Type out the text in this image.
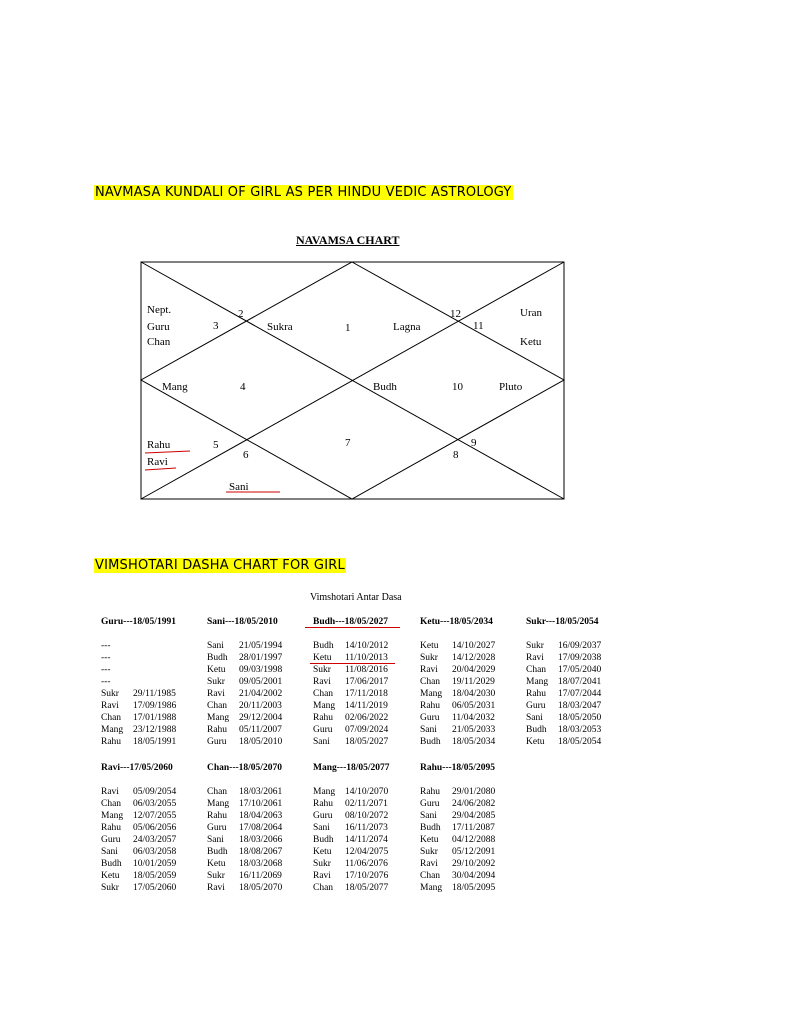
NAVMASA KUNDALI OF GIRL AS PER HINDU VEDIC ASTROLOGY
NAVAMSA CHART
1
2
3
4
5
6
7
8
9
10
11
12
Nept.
Guru
Chan
Sukra	Lagna
Uran
Ketu
Mang	Budh	Pluto
Rahu
Ravi
Sani
VIMSHOTARI DASHA CHART FOR GIRL
Vimshotari Antar Dasa
Guru---18/05/1991
---
---
---
---
Sukr 29/11/1985
Ravi 17/09/1986
Chan 17/01/1988
Mang 23/12/1988
Rahu 18/05/1991
Sani---18/05/2010
Sani 21/05/1994
Budh 28/01/1997
Ketu 09/03/1998
Sukr 09/05/2001
Ravi 21/04/2002
Chan 20/11/2003
Mang 29/12/2004
Rahu 05/11/2007
Guru 18/05/2010
Budh---18/05/2027
Budh 14/10/2012
Ketu 11/10/2013
Sukr 11/08/2016
Ravi 17/06/2017
Chan 17/11/2018
Mang 14/11/2019
Rahu 02/06/2022
Guru 07/09/2024
Sani 18/05/2027
Ketu---18/05/2034
Ketu 14/10/2027
Sukr 14/12/2028
Ravi 20/04/2029
Chan 19/11/2029
Mang 18/04/2030
Rahu 06/05/2031
Guru 11/04/2032
Sani 21/05/2033
Budh 18/05/2034
Sukr---18/05/2054
Sukr 16/09/2037
Ravi 17/09/2038
Chan 17/05/2040
Mang 18/07/2041
Rahu 17/07/2044
Guru 18/03/2047
Sani 18/05/2050
Budh 18/03/2053
Ketu 18/05/2054
Ravi---17/05/2060
Ravi 05/09/2054
Chan 06/03/2055
Mang 12/07/2055
Rahu 05/06/2056
Guru 24/03/2057
Sani 06/03/2058
Budh 10/01/2059
Ketu 18/05/2059
Sukr 17/05/2060
Chan---18/05/2070
Chan 18/03/2061
Mang 17/10/2061
Rahu 18/04/2063
Guru 17/08/2064
Sani 18/03/2066
Budh 18/08/2067
Ketu 18/03/2068
Sukr 16/11/2069
Ravi 18/05/2070
Mang---18/05/2077
Mang 14/10/2070
Rahu 02/11/2071
Guru 08/10/2072
Sani 16/11/2073
Budh 14/11/2074
Ketu 12/04/2075
Sukr 11/06/2076
Ravi 17/10/2076
Chan 18/05/2077
Rahu---18/05/2095
Rahu 29/01/2080
Guru 24/06/2082
Sani 29/04/2085
Budh 17/11/2087
Ketu 04/12/2088
Sukr 05/12/2091
Ravi 29/10/2092
Chan 30/04/2094
Mang 18/05/2095
